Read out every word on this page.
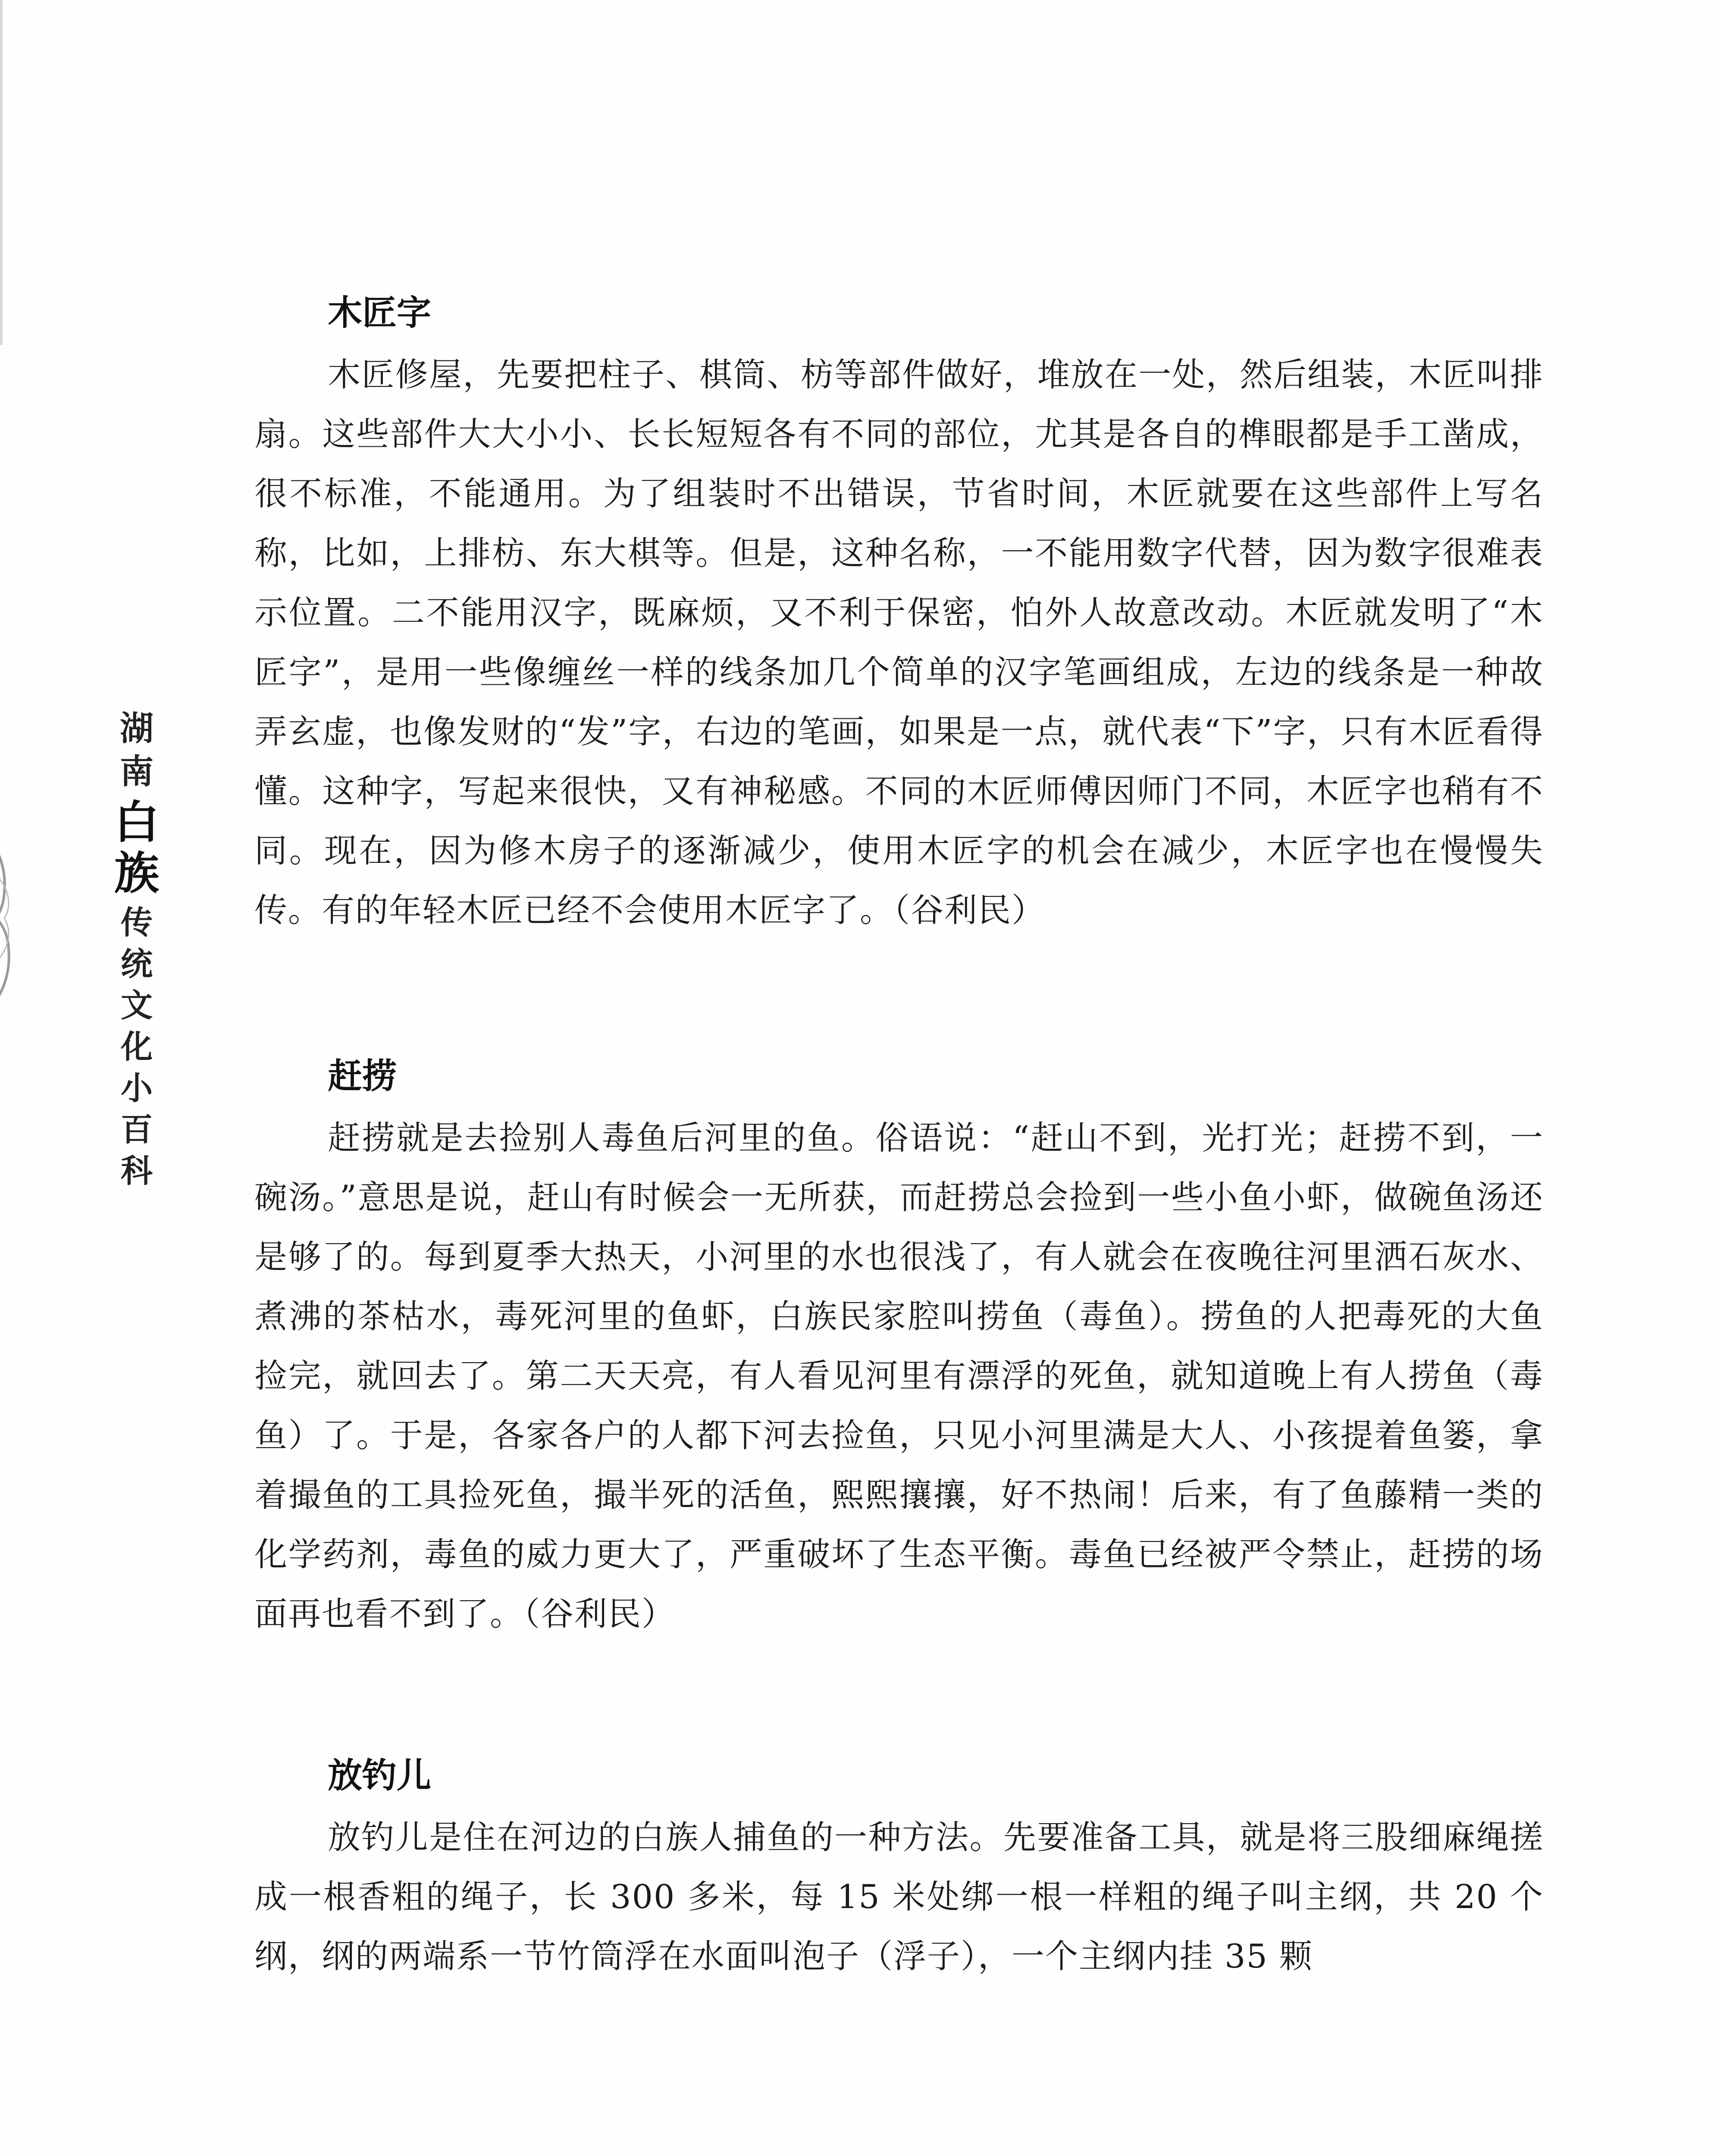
湖
南
白
族
传
统
文
化
小
百
科
木匠字

木匠修屋，先要把柱子、棋筒、枋等部件做好，堆放在一处，然后组装，木匠叫排扇。这些部件大大小小、长长短短各有不同的部位，尤其是各自的榫眼都是手工凿成，很不标准，不能通用。为了组装时不出错误，节省时间，木匠就要在这些部件上写名称，比如，上排枋、东大棋等。但是，这种名称，一不能用数字代替，因为数字很难表示位置。二不能用汉字，既麻烦，又不利于保密，怕外人故意改动。木匠就发明了“木匠字”，是用一些像缠丝一样的线条加几个简单的汉字笔画组成，左边的线条是一种故弄玄虚，也像发财的“发”字，右边的笔画，如果是一点，就代表“下”字，只有木匠看得懂。这种字，写起来很快，又有神秘感。不同的木匠师傅因师门不同，木匠字也稍有不同。现在，因为修木房子的逐渐减少，使用木匠字的机会在减少，木匠字也在慢慢失传。有的年轻木匠已经不会使用木匠字了。（谷利民）

赶捞

赶捞就是去捡别人毒鱼后河里的鱼。俗语说：“赶山不到，光打光；赶捞不到，一碗汤。”意思是说，赶山有时候会一无所获，而赶捞总会捡到一些小鱼小虾，做碗鱼汤还是够了的。每到夏季大热天，小河里的水也很浅了，有人就会在夜晚往河里洒石灰水、煮沸的茶枯水，毒死河里的鱼虾，白族民家腔叫捞鱼（毒鱼）。捞鱼的人把毒死的大鱼捡完，就回去了。第二天天亮，有人看见河里有漂浮的死鱼，就知道晚上有人捞鱼（毒鱼）了。于是，各家各户的人都下河去捡鱼，只见小河里满是大人、小孩提着鱼篓，拿着撮鱼的工具捡死鱼，撮半死的活鱼，熙熙攘攘，好不热闹！后来，有了鱼藤精一类的化学药剂，毒鱼的威力更大了，严重破坏了生态平衡。毒鱼已经被严令禁止，赶捞的场面再也看不到了。（谷利民）

放钓儿

放钓儿是住在河边的白族人捕鱼的一种方法。先要准备工具，就是将三股细麻绳搓成一根香粗的绳子，长 300 多米，每 15 米处绑一根一样粗的绳子叫主纲，共 20 个纲，纲的两端系一节竹筒浮在水面叫泡子（浮子），一个主纲内挂 35 颗
